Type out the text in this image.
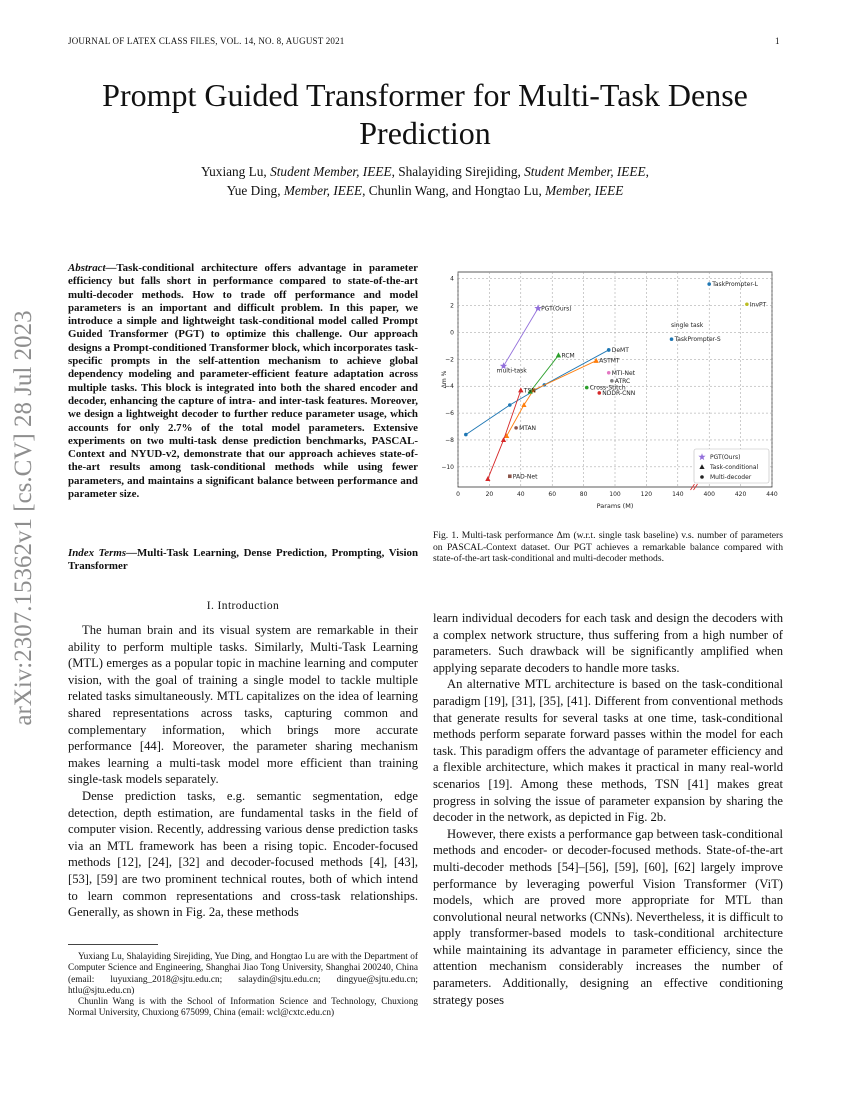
JOURNAL OF LATEX CLASS FILES, VOL. 14, NO. 8, AUGUST 2021	1
Prompt Guided Transformer for Multi-Task Dense Prediction
Yuxiang Lu, Student Member, IEEE, Shalayiding Sirejiding, Student Member, IEEE,
Yue Ding, Member, IEEE, Chunlin Wang, and Hongtao Lu, Member, IEEE
arXiv:2307.15362v1 [cs.CV] 28 Jul 2023
Abstract—Task-conditional architecture offers advantage in parameter efficiency but falls short in performance compared to state-of-the-art multi-decoder methods. How to trade off performance and model parameters is an important and difficult problem. In this paper, we introduce a simple and lightweight task-conditional model called Prompt Guided Transformer (PGT) to optimize this challenge. Our approach designs a Prompt-conditioned Transformer block, which incorporates task-specific prompts in the self-attention mechanism to achieve global dependency modeling and parameter-efficient feature adaptation across multiple tasks. This block is integrated into both the shared encoder and decoder, enhancing the capture of intra- and inter-task features. Moreover, we design a lightweight decoder to further reduce parameter usage, which accounts for only 2.7% of the total model parameters. Extensive experiments on two multi-task dense prediction benchmarks, PASCAL-Context and NYUD-v2, demonstrate that our approach achieves state-of-the-art results among task-conditional methods while using fewer parameters, and maintains a significant balance between performance and parameter size.
Index Terms—Multi-Task Learning, Dense Prediction, Prompting, Vision Transformer
I. Introduction

The human brain and its visual system are remarkable in their ability to perform multiple tasks. Similarly, Multi-Task Learning (MTL) emerges as a popular topic in machine learning and computer vision, with the goal of training a single model to tackle multiple related tasks simultaneously. MTL capitalizes on the idea of learning shared representations across tasks, capturing common and complementary information, which brings more accurate performance [44]. Moreover, the parameter sharing mechanism makes learning a multi-task model more efficient than training single-task models separately.

Dense prediction tasks, e.g. semantic segmentation, edge detection, depth estimation, are fundamental tasks in the field of computer vision. Recently, addressing various dense prediction tasks via an MTL framework has been a rising topic. Encoder-focused methods [12], [24], [32] and decoder-focused methods [4], [43], [53], [59] are two prominent technical routes, both of which intend to learn common representations and cross-task relationships. Generally, as shown in Fig. 2a, these methods

Yuxiang Lu, Shalayiding Sirejiding, Yue Ding, and Hongtao Lu are with the Department of Computer Science and Engineering, Shanghai Jiao Tong University, Shanghai 200240, China (email: luyuxiang_2018@sjtu.edu.cn; salaydin@sjtu.edu.cn; dingyue@sjtu.edu.cn; htlu@sjtu.edu.cn)

Chunlin Wang is with the School of Information Science and Technology, Chuxiong Normal University, Chuxiong 675099, China (email: wcl@cxtc.edu.cn)

0	20	40	60	80	100	120	140	400	420	440
4
2
0
−2
−4
−6
−8
−10
Params (M)
Δm %
PGT(Ours)
TaskPrompter-L
InvPT
single task
TaskPrompter-S
DeMT
RCM
ASTMT
MTI-Net
ATRC
multi-task
Cross-Stitch
TSN	NDDR-CNN
MTAN
PAD-Net
PGT(Ours)
Task-conditional
Multi-decoder
Fig. 1. Multi-task performance Δm (w.r.t. single task baseline) v.s. number of parameters on PASCAL-Context dataset. Our PGT achieves a remarkable balance compared with state-of-the-art task-conditional and multi-decoder methods.

learn individual decoders for each task and design the decoders with a complex network structure, thus suffering from a high number of parameters. Such drawback will be significantly amplified when applying separate decoders to handle more tasks.

An alternative MTL architecture is based on the task-conditional paradigm [19], [31], [35], [41]. Different from conventional methods that generate results for several tasks at one time, task-conditional methods perform separate forward passes within the model for each task. This paradigm offers the advantage of parameter efficiency and a flexible architecture, which makes it practical in many real-world scenarios [19]. Among these methods, TSN [41] makes great progress in solving the issue of parameter expansion by sharing the decoder in the network, as depicted in Fig. 2b.

However, there exists a performance gap between task-conditional methods and encoder- or decoder-focused methods. State-of-the-art multi-decoder methods [54]–[56], [59], [60], [62] largely improve performance by leveraging powerful Vision Transformer (ViT) models, which are proved more appropriate for MTL than convolutional neural networks (CNNs). Nevertheless, it is difficult to apply transformer-based models to task-conditional architecture while maintaining its advantage in parameter efficiency, since the attention mechanism considerably increases the number of parameters. Additionally, designing an effective conditioning strategy poses
